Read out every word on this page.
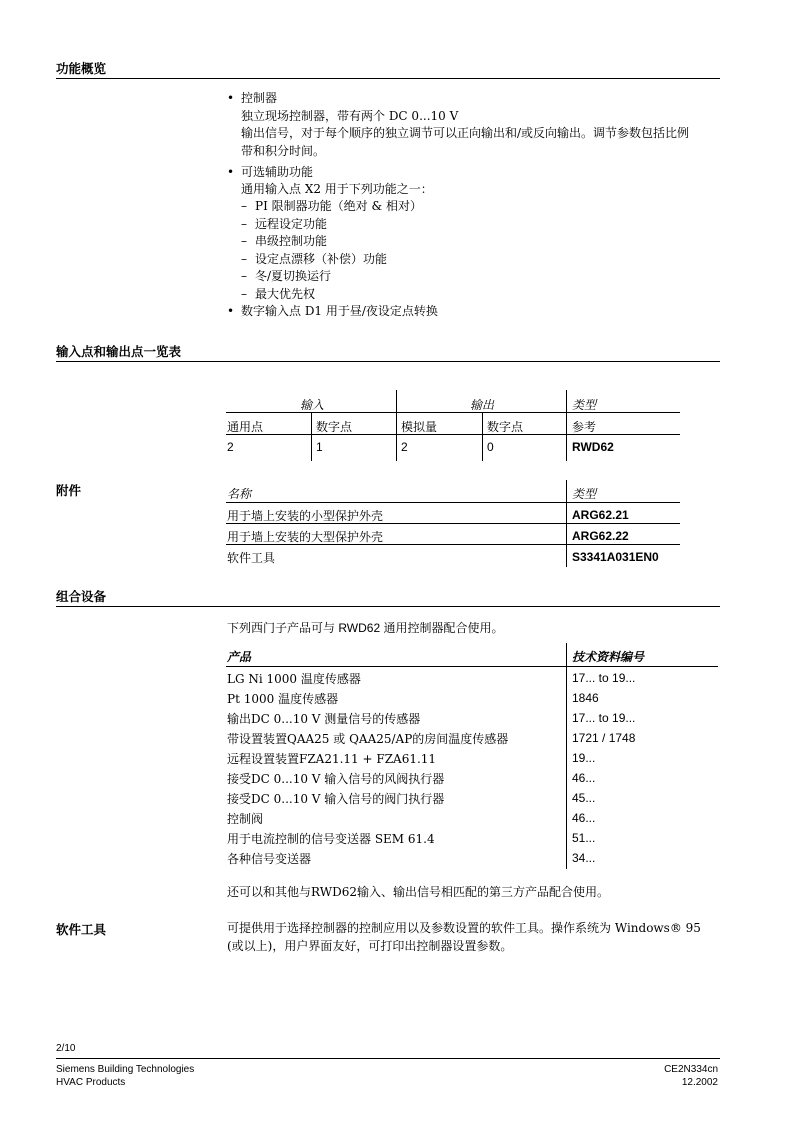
功能概览
• 控制器
独立现场控制器，带有两个 DC 0...10 V
输出信号，对于每个顺序的独立调节可以正向输出和/或反向输出。调节参数包括比例
带和积分时间。
• 可选辅助功能
通用输入点 X2 用于下列功能之一：
– PI 限制器功能（绝对 & 相对）
– 远程设定功能
– 串级控制功能
– 设定点漂移（补偿）功能
– 冬/夏切换运行
– 最大优先权
• 数字输入点 D1 用于昼/夜设定点转换
输入点和输出点一览表
输入	输出	类型
通用点	数字点	模拟量	数字点	参考
2	1	2	0	RWD62
附件	名称	类型
用于墙上安装的小型保护外壳	ARG62.21
用于墙上安装的大型保护外壳	ARG62.22
软件工具	S3341A031EN0
组合设备
下列西门子产品可与 RWD62 通用控制器配合使用。
产品	技术资料编号
LG Ni 1000 温度传感器	17... to 19...
Pt 1000 温度传感器	1846
输出DC 0...10 V 测量信号的传感器	17... to 19...
带设置装置QAA25 或 QAA25/AP的房间温度传感器	1721 / 1748
远程设置装置FZA21.11 + FZA61.11	19...
接受DC 0...10 V 输入信号的风阀执行器	46...
接受DC 0...10 V 输入信号的阀门执行器	45...
控制阀	46...
用于电流控制的信号变送器 SEM 61.4	51...
各种信号变送器	34...
还可以和其他与RWD62输入、输出信号相匹配的第三方产品配合使用。
软件工具	可提供用于选择控制器的控制应用以及参数设置的软件工具。操作系统为 Windows® 95
(或以上)，用户界面友好，可打印出控制器设置参数。
2/10
Siemens Building Technologies
HVAC Products
CE2N334cn
12.2002
